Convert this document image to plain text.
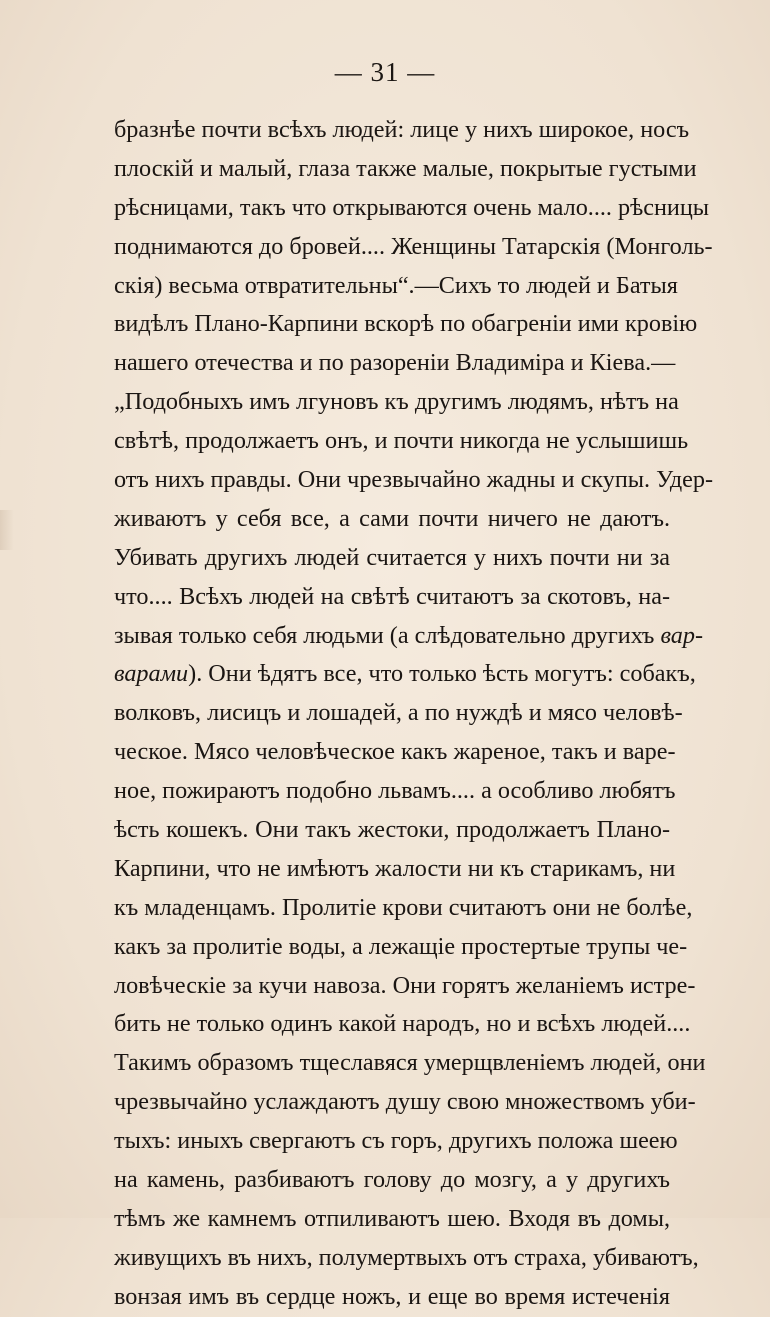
— 31 —
бразнѣе почти всѣхъ людей: лице у нихъ широкое, носъ
плоскій и малый, глаза также малые, покрытые густыми
рѣсницами, такъ что открываются очень мало.... рѣсницы
поднимаются до бровей.... Женщины Татарскія (Монголь-
скія) весьма отвратительны“.—Сихъ то людей и Батыя
видѣлъ Плано-Карпини вскорѣ по обагреніи ими кровію
нашего отечества и по разореніи Владиміра и Кіева.—
„Подобныхъ имъ лгуновъ къ другимъ людямъ, нѣтъ на
свѣтѣ, продолжаетъ онъ, и почти никогда не услышишь
отъ нихъ правды. Они чрезвычайно жадны и скупы. Удер-
живаютъ у себя все, а сами почти ничего не даютъ.
Убивать другихъ людей считается у нихъ почти ни за
что.... Всѣхъ людей на свѣтѣ считаютъ за скотовъ, на-
зывая только себя людьми (а слѣдовательно другихъ вар-
варами). Они ѣдятъ все, что только ѣсть могутъ: собакъ,
волковъ, лисицъ и лошадей, а по нуждѣ и мясо человѣ-
ческое. Мясо человѣческое какъ жареное, такъ и варе-
ное, пожираютъ подобно львамъ.... а особливо любятъ
ѣсть кошекъ. Они такъ жестоки, продолжаетъ Плано-
Карпини, что не имѣютъ жалости ни къ старикамъ, ни
къ младенцамъ. Пролитіе крови считаютъ они не болѣе,
какъ за пролитіе воды, а лежащіе простертые трупы че-
ловѣческіе за кучи навоза. Они горятъ желаніемъ истре-
бить не только одинъ какой народъ, но и всѣхъ людей....
Такимъ образомъ тщеславяся умерщвленіемъ людей, они
чрезвычайно услаждаютъ душу свою множествомъ уби-
тыхъ: иныхъ свергаютъ съ горъ, другихъ положа шеею
на камень, разбиваютъ голову до мозгу, а у другихъ
тѣмъ же камнемъ отпиливаютъ шею. Входя въ домы,
живущихъ въ нихъ, полумертвыхъ отъ страха, убиваютъ,
вонзая имъ въ сердце ножъ, и еще во время истеченія
